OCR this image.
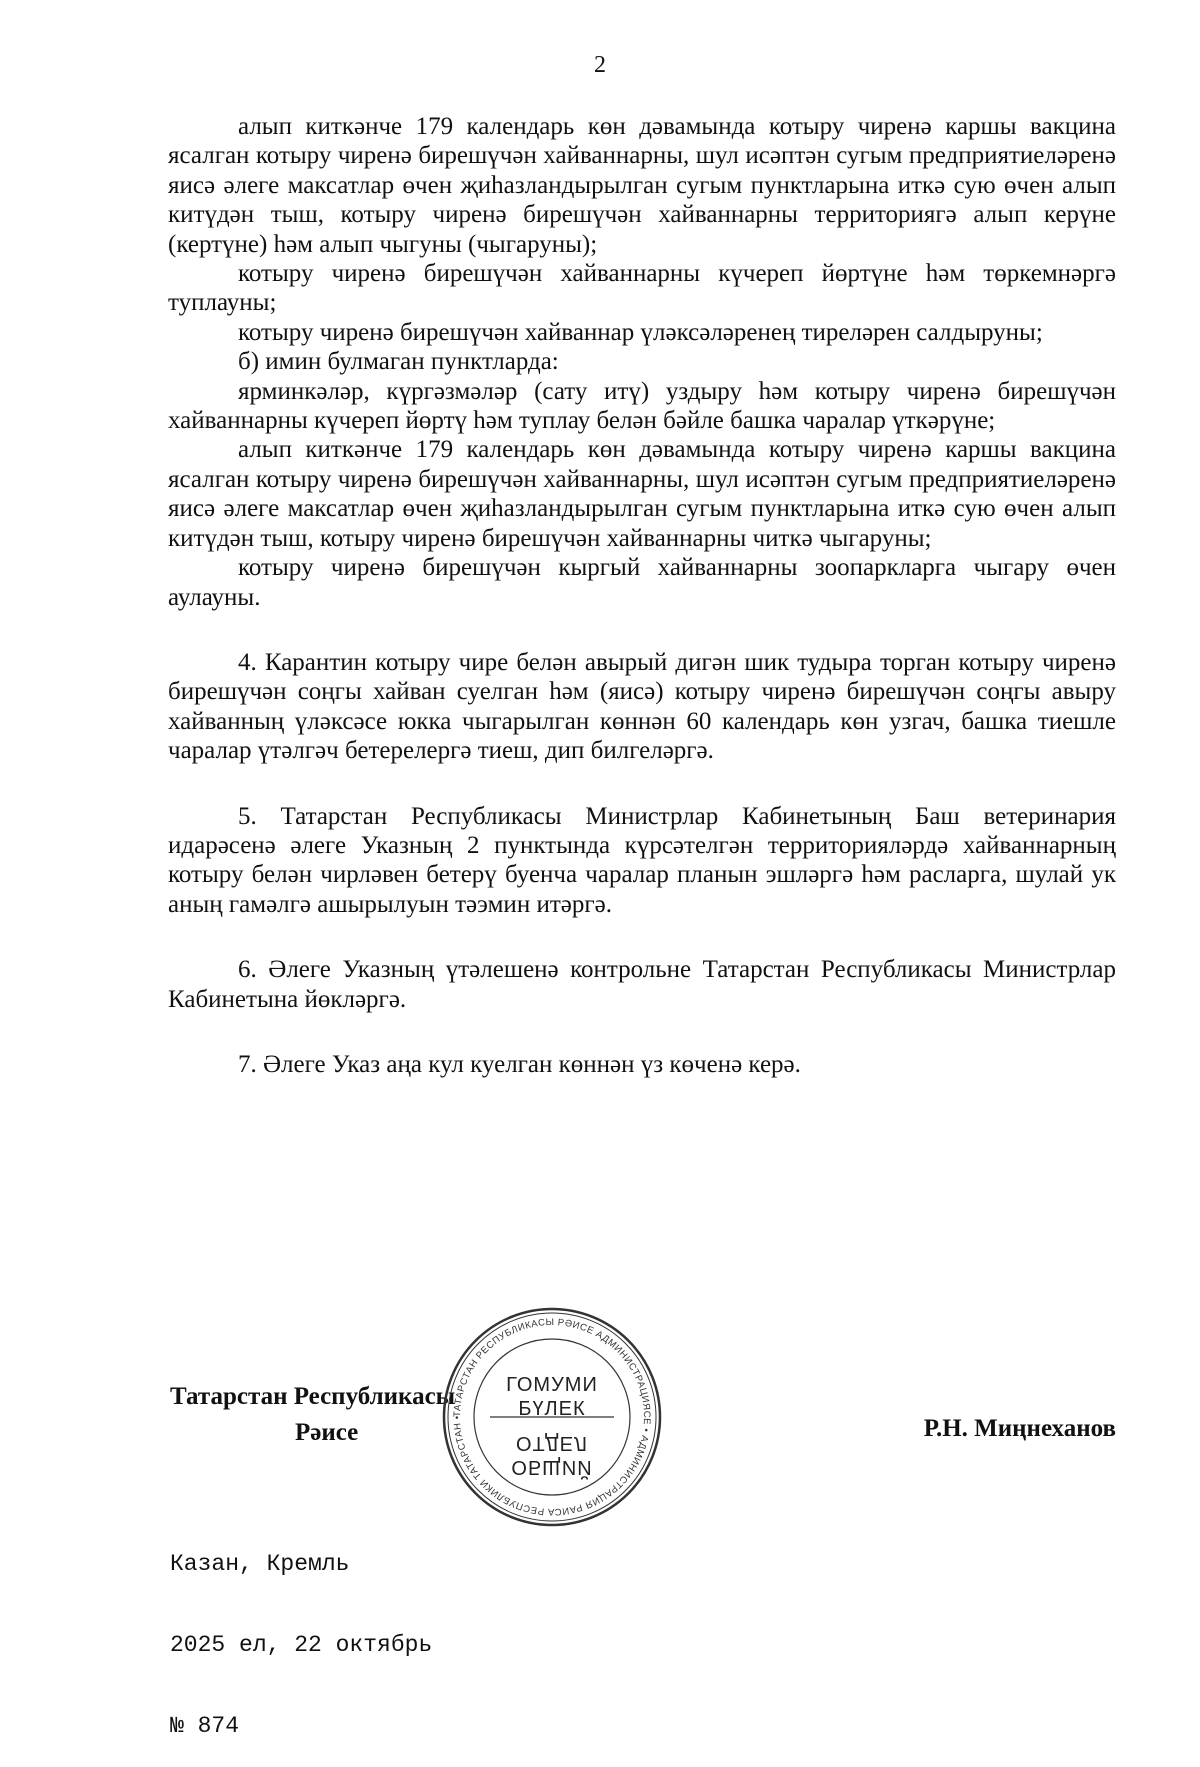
2

алып киткәнче 179 календарь көн дәвамында котыру чиренә каршы вакцина ясалган котыру чиренә бирешүчән хайваннарны, шул исәптән сугым предприятиеләренә яисә әлеге максатлар өчен җиһазландырылган сугым пунктларына иткә сую өчен алып китүдән тыш, котыру чиренә бирешүчән хайваннарны территориягә алып керүне (кертүне) һәм алып чыгуны (чыгаруны);

котыру чиренә бирешүчән хайваннарны күчереп йөртүне һәм төркемнәргә туплауны;

котыру чиренә бирешүчән хайваннар үләксәләренең тиреләрен салдыруны;

б) имин булмаган пунктларда:

ярминкәләр, күргәзмәләр (сату итү) уздыру һәм котыру чиренә бирешүчән хайваннарны күчереп йөртү һәм туплау белән бәйле башка чаралар үткәрүне;

алып киткәнче 179 календарь көн дәвамында котыру чиренә каршы вакцина ясалган котыру чиренә бирешүчән хайваннарны, шул исәптән сугым предприятиеләренә яисә әлеге максатлар өчен җиһазландырылган сугым пунктларына иткә сую өчен алып китүдән тыш, котыру чиренә бирешүчән хайваннарны читкә чыгаруны;

котыру чиренә бирешүчән кыргый хайваннарны зоопаркларга чыгару өчен аулауны.

4. Карантин котыру чире белән авырый дигән шик тудыра торган котыру чиренә бирешүчән соңгы хайван суелган һәм (яисә) котыру чиренә бирешүчән соңгы авыру хайванның үләксәсе юкка чыгарылган көннән 60 календарь көн узгач, башка тиешле чаралар үтәлгәч бетерелергә тиеш, дип билгеләргә.

5. Татарстан Республикасы Министрлар Кабинетының Баш ветеринария идарәсенә әлеге Указның 2 пунктында күрсәтелгән территорияләрдә хайваннарның котыру белән чирләвен бетерү буенча чаралар планын эшләргә һәм расларга, шулай ук аның гамәлгә ашырылуын тәэмин итәргә.

6. Әлеге Указның үтәлешенә контрольне Татарстан Республикасы Министрлар Кабинетына йөкләргә.

7. Әлеге Указ аңа кул куелган көннән үз көченә керә.

Татарстан Республикасы
Рәисе
ТАТАРСТАН РЕСПУБЛИКАСЫ РӘИСЕ АДМИНИСТРАЦИЯСЕ • АДМИНИСТРАЦИЯ РАИСА РЕСПУБЛИКИ ТАТАРСТАН •
ГОМУМИ
БҮЛЕК
ОТДЕЛ
ОБЩИЙ
Р.Н. Миңнеханов

Казан, Кремль

2025 ел, 22 октябрь

№ 874
